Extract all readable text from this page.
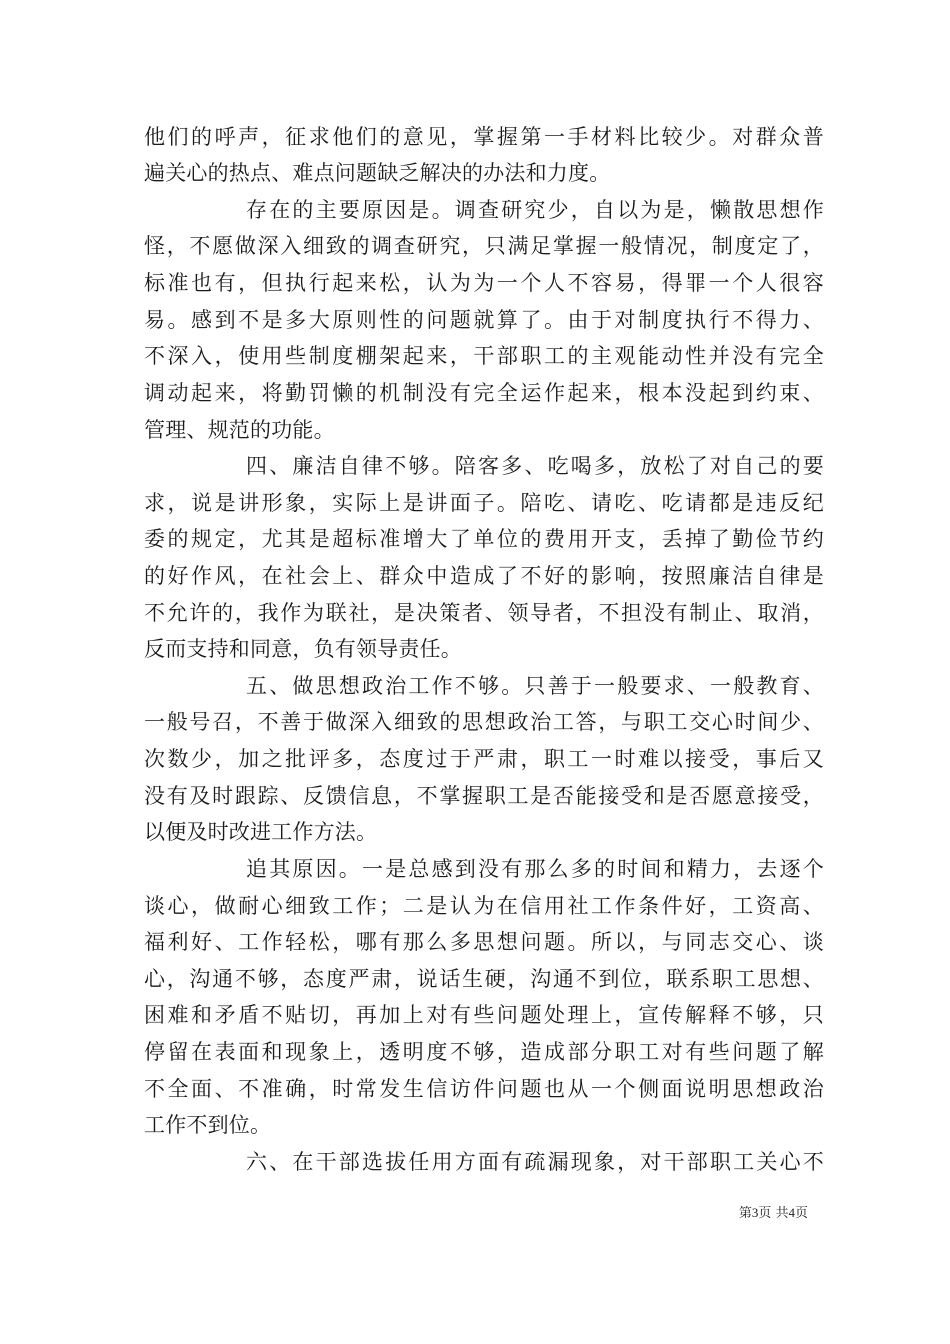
他们的呼声，征求他们的意见，掌握第一手材料比较少。对群众普
遍关心的热点、难点问题缺乏解决的办法和力度。
存在的主要原因是。调查研究少，自以为是，懒散思想作
怪，不愿做深入细致的调查研究，只满足掌握一般情况，制度定了，
标准也有，但执行起来松，认为为一个人不容易，得罪一个人很容
易。感到不是多大原则性的问题就算了。由于对制度执行不得力、
不深入，使用些制度棚架起来，干部职工的主观能动性并没有完全
调动起来，将勤罚懒的机制没有完全运作起来，根本没起到约束、
管理、规范的功能。
四、廉洁自律不够。陪客多、吃喝多，放松了对自己的要
求，说是讲形象，实际上是讲面子。陪吃、请吃、吃请都是违反纪
委的规定，尤其是超标准增大了单位的费用开支，丢掉了勤俭节约
的好作风，在社会上、群众中造成了不好的影响，按照廉洁自律是
不允许的，我作为联社，是决策者、领导者，不担没有制止、取消，
反而支持和同意，负有领导责任。
五、做思想政治工作不够。只善于一般要求、一般教育、
一般号召，不善于做深入细致的思想政治工答，与职工交心时间少、
次数少，加之批评多，态度过于严肃，职工一时难以接受，事后又
没有及时跟踪、反馈信息，不掌握职工是否能接受和是否愿意接受，
以便及时改进工作方法。
追其原因。一是总感到没有那么多的时间和精力，去逐个
谈心，做耐心细致工作；二是认为在信用社工作条件好，工资高、
福利好、工作轻松，哪有那么多思想问题。所以，与同志交心、谈
心，沟通不够，态度严肃，说话生硬，沟通不到位，联系职工思想、
困难和矛盾不贴切，再加上对有些问题处理上，宣传解释不够，只
停留在表面和现象上，透明度不够，造成部分职工对有些问题了解
不全面、不准确，时常发生信访件问题也从一个侧面说明思想政治
工作不到位。
六、在干部选拔任用方面有疏漏现象，对干部职工关心不
第3页 共4页
